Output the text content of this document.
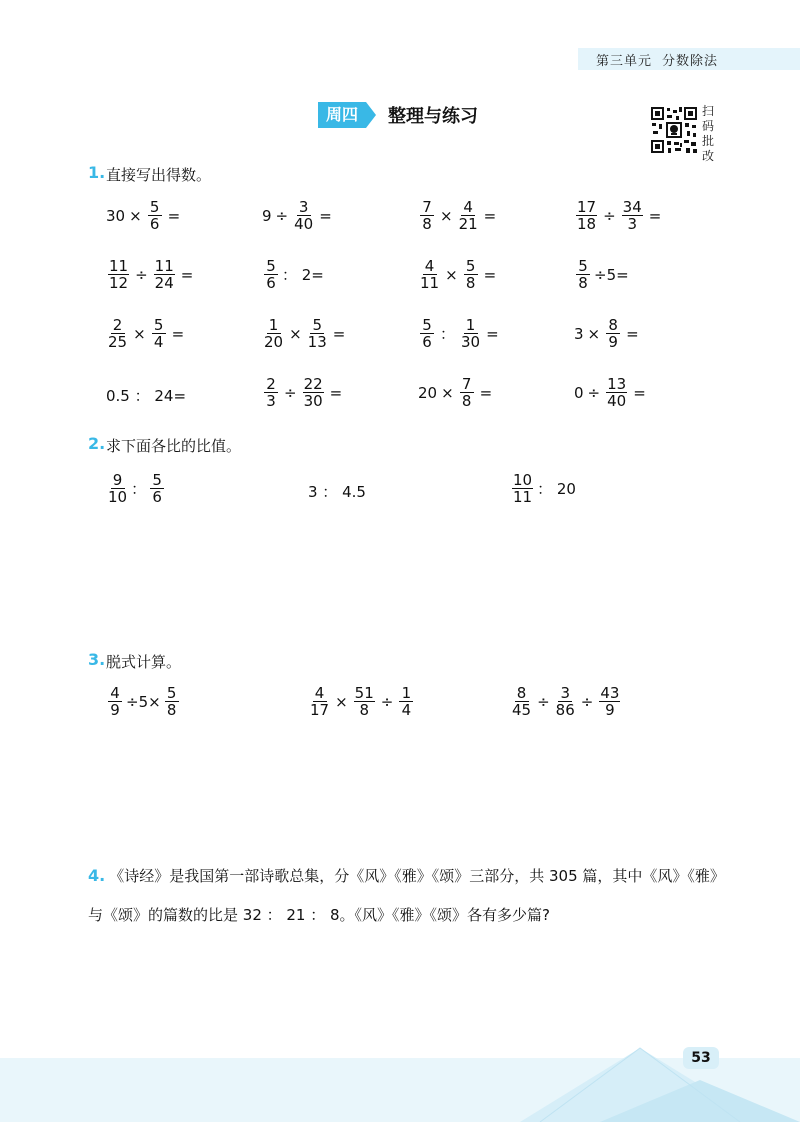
第三单元 分数除法
周四	整理与练习	扫
码
批
改
1. 直接写出得数。
$30 \times \frac{5}{6}$ =	$9 \div \frac{3}{40}$ =	$\frac{7}{8} \times \frac{4}{21}$ =	$\frac{17}{18} \div \frac{34}{3}$ =
$\frac{11}{12} \div \frac{11}{24}$ =	$\frac{5}{6}$ ： 2=	$\frac{4}{11} \times \frac{5}{8}$ =	$\frac{5}{8} \div 5=$
$\frac{2}{25} \times \frac{5}{4}$ =	$\frac{1}{20} \times \frac{5}{13}$ =	$\frac{5}{6}$ ： $\frac{1}{30}$ =	$3 \times \frac{8}{9}$ =
0.5 ： 24=	$\frac{2}{3} \div \frac{22}{30}$ =	$20 \times \frac{7}{8}$ =	$0 \div \frac{13}{40}$ =
2. 求下面各比的比值。
$\frac{9}{10}$ ： $\frac{5}{6}$	3 ： 4.5	$\frac{10}{11}$ ： 20
3. 脱式计算。
$\frac{4}{9} \div 5\times \frac{5}{8}$	$\frac{4}{17} \times \frac{51}{8} \div \frac{1}{4}$	$\frac{8}{45} \div \frac{3}{86} \div \frac{43}{9}$
4. 《诗经》是我国第一部诗歌总集，分《风》《雅》《颂》三部分，共 305 篇，其中《风》《雅》与《颂》的篇数的比是 32 ： 21 ： 8。《风》《雅》《颂》各有多少篇?
53
